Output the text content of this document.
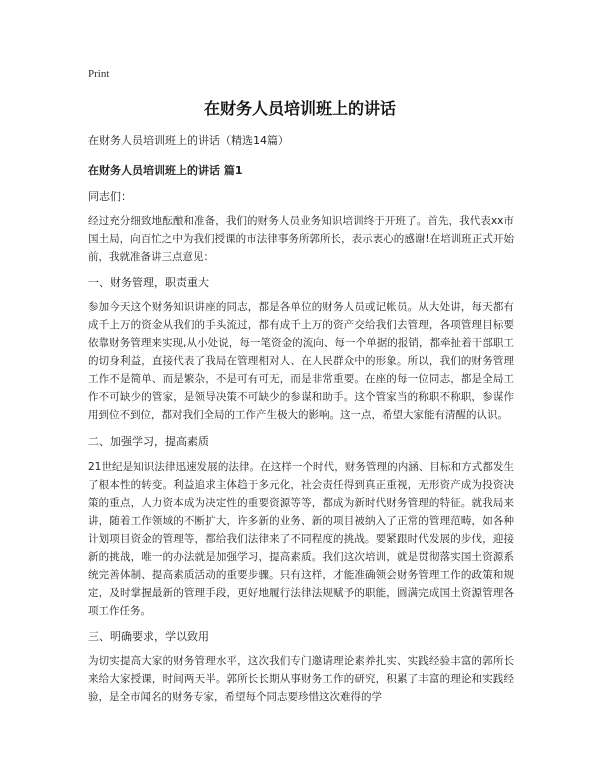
Print
在财务人员培训班上的讲话
在财务人员培训班上的讲话（精选14篇）
在财务人员培训班上的讲话 篇1
同志们：

经过充分细致地酝酿和准备，我们的财务人员业务知识培训终于开班了。首先，我代表xx市国土局，向百忙之中为我们授课的市法律事务所郭所长，表示衷心的感谢!在培训班正式开始前，我就准备讲三点意见：

一、财务管理，职责重大

参加今天这个财务知识讲座的同志，都是各单位的财务人员或记帐员。从大处讲，每天都有成千上万的资金从我们的手头流过，都有成千上万的资产交给我们去管理，各项管理目标要依靠财务管理来实现,从小处说，每一笔资金的流向、每一个单据的报销，都牵扯着干部职工的切身利益，直接代表了我局在管理相对人、在人民群众中的形象。所以，我们的财务管理工作不是简单、而是繁杂，不是可有可无，而是非常重要。在座的每一位同志，都是全局工作不可缺少的管家，是领导决策不可缺少的参谋和助手。这个管家当的称职不称职，参谋作用到位不到位，都对我们全局的工作产生极大的影响。这一点，希望大家能有清醒的认识。

二、加强学习，提高素质

21世纪是知识法律迅速发展的法律。在这样一个时代，财务管理的内涵、目标和方式都发生了根本性的转变。利益追求主体趋于多元化，社会责任得到真正重视，无形资产成为投资决策的重点，人力资本成为决定性的重要资源等等，都成为新时代财务管理的特征。就我局来讲，随着工作领域的不断扩大，许多新的业务、新的项目被纳入了正常的管理范畴，如各种计划项目资金的管理等，都给我们法律来了不同程度的挑战。要紧跟时代发展的步伐，迎接新的挑战，唯一的办法就是加强学习，提高素质。我们这次培训，就是贯彻落实国土资源系统完善体制、提高素质活动的重要步骤。只有这样，才能准确领会财务管理工作的政策和规定，及时掌握最新的管理手段，更好地履行法律法规赋予的职能，圆满完成国土资源管理各项工作任务。

三、明确要求，学以致用

为切实提高大家的财务管理水平，这次我们专门邀请理论素养扎实、实践经验丰富的郭所长来给大家授课，时间两天半。郭所长长期从事财务工作的研究，积累了丰富的理论和实践经验，是全市闻名的财务专家，希望每个同志要珍惜这次难得的学
